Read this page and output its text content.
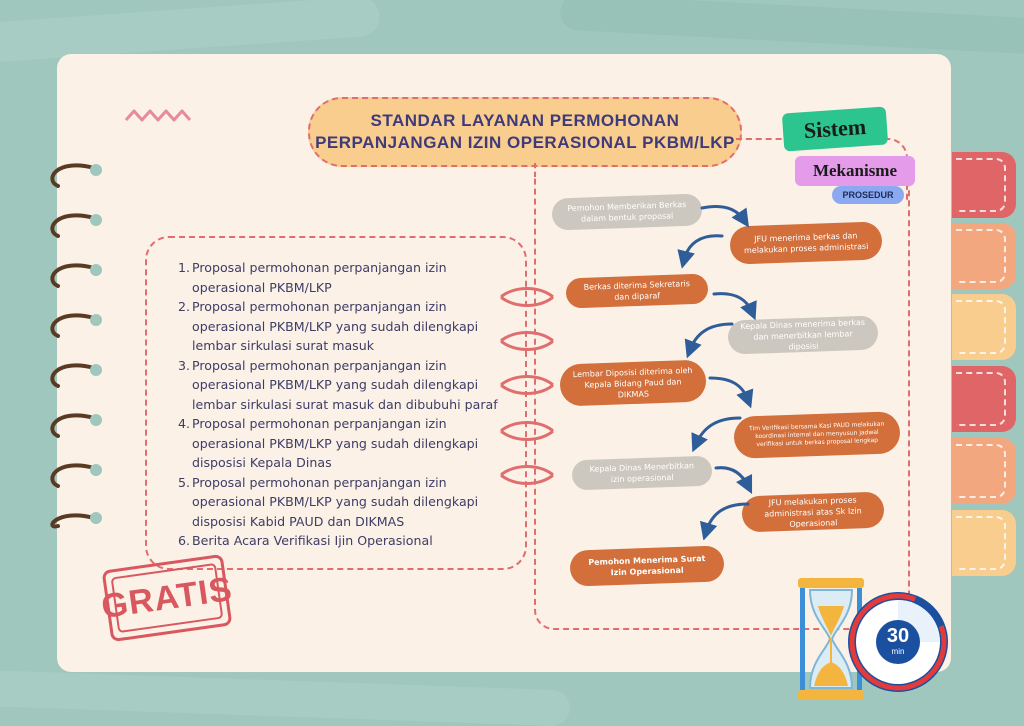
STANDAR LAYANAN PERMOHONAN
PERPANJANGAN IZIN OPERASIONAL PKBM/LKP
1. Proposal permohonan perpanjangan izin operasional PKBM/LKP
2. Proposal permohonan perpanjangan izin operasional PKBM/LKP yang sudah dilengkapi lembar sirkulasi surat masuk
3. Proposal permohonan perpanjangan izin operasional PKBM/LKP yang sudah dilengkapi lembar sirkulasi surat masuk dan dibubuhi paraf
4. Proposal permohonan perpanjangan izin operasional PKBM/LKP yang sudah dilengkapi disposisi Kepala Dinas
5. Proposal permohonan perpanjangan izin operasional PKBM/LKP yang sudah dilengkapi disposisi Kabid PAUD dan DIKMAS
6. Berita Acara Verifikasi Ijin Operasional
Sistem
Mekanisme
PROSEDUR
Pemohon Memberikan Berkas dalam bentuk proposal
JFU menerima berkas dan melakukan proses administrasi
Berkas diterima Sekretaris dan diparaf
Kepala Dinas menerima berkas dan menerbitkan lembar diposisi
Lembar Diposisi diterima oleh Kepala Bidang Paud dan DIKMAS
Tim Verifikasi bersama Kasi PAUD melakukan koordinasi internal dan menyusun jadwal verifikasi untuk berkas proposal lengkap
Kepala Dinas Menerbitkan izin operasional
JFU melakukan proses administrasi atas Sk Izin Operasional
Pemohon Menerima Surat Izin Operasional
GRATIS
30
min
